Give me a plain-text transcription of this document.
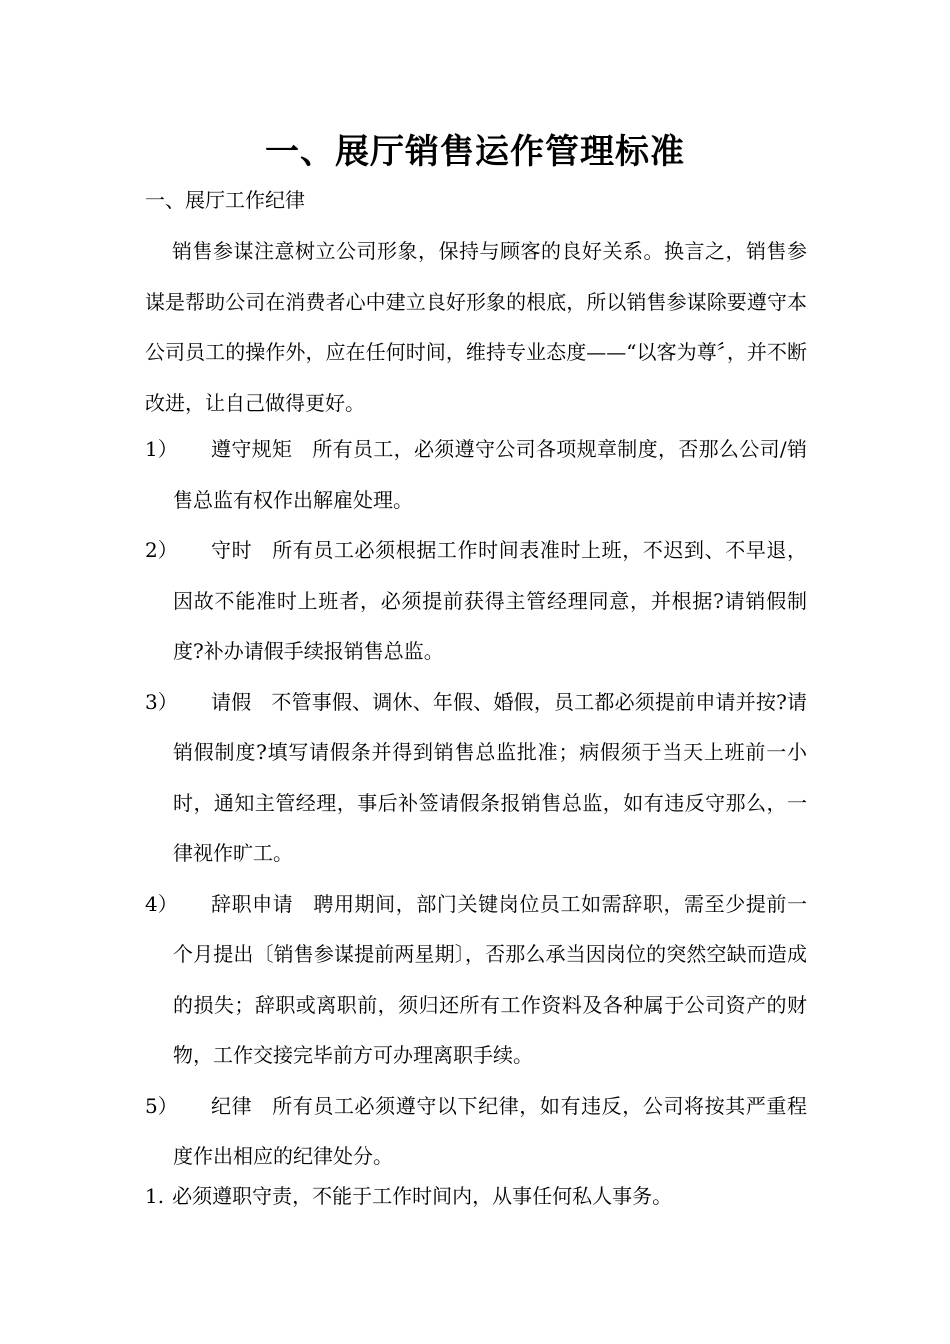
一、展厅销售运作管理标准
一、展厅工作纪律
销售参谋注意树立公司形象，保持与顾客的良好关系。换言之，销售参谋是帮助公司在消费者心中建立良好形象的根底，所以销售参谋除要遵守本公司员工的操作外，应在任何时间，维持专业态度——“以客为尊〞，并不断改进，让自己做得更好。
1）	遵守规矩 所有员工，必须遵守公司各项规章制度，否那么公司/销售总监有权作出解雇处理。
2）	守时 所有员工必须根据工作时间表准时上班，不迟到、不早退，因故不能准时上班者，必须提前获得主管经理同意，并根据?请销假制度?补办请假手续报销售总监。
3）	请假 不管事假、调休、年假、婚假，员工都必须提前申请并按?请销假制度?填写请假条并得到销售总监批准；病假须于当天上班前一小时，通知主管经理，事后补签请假条报销售总监，如有违反守那么，一律视作旷工。
4）	辞职申请 聘用期间，部门关键岗位员工如需辞职，需至少提前一个月提出〔销售参谋提前两星期〕，否那么承当因岗位的突然空缺而造成的损失；辞职或离职前，须归还所有工作资料及各种属于公司资产的财物，工作交接完毕前方可办理离职手续。
5）	纪律 所有员工必须遵守以下纪律，如有违反，公司将按其严重程度作出相应的纪律处分。
1. 必须遵职守责，不能于工作时间内，从事任何私人事务。
